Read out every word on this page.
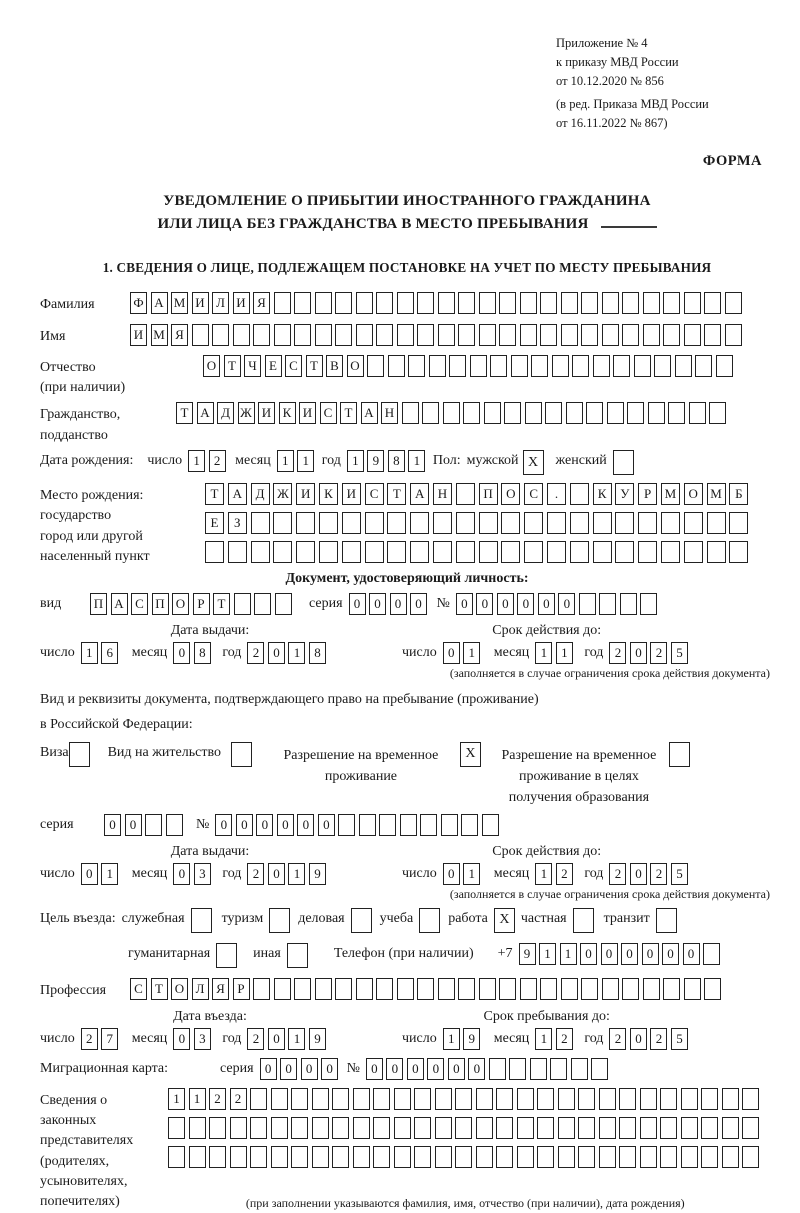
Приложение № 4
к приказу МВД России
от 10.12.2020 № 856
(в ред. Приказа МВД России
от 16.11.2022 № 867)
ФОРМА
УВЕДОМЛЕНИЕ О ПРИБЫТИИ ИНОСТРАННОГО ГРАЖДАНИНА
ИЛИ ЛИЦА БЕЗ ГРАЖДАНСТВА В МЕСТО ПРЕБЫВАНИЯ
1. СВЕДЕНИЯ О ЛИЦЕ, ПОДЛЕЖАЩЕМ ПОСТАНОВКЕ НА УЧЕТ ПО МЕСТУ ПРЕБЫВАНИЯ
Фамилия	Ф А М И Л И Я
Имя	И М Я
Отчество
(при наличии)
О Т Ч Е С Т В О
Гражданство,
подданство
Т А Д Ж И К И С Т А Н
Дата рождения:	число 1	2	месяц 1	1 год 1	9	8	1 Пол: мужской X	женский
Место рождения:
государство
город или другой
населенный пункт
Т	А	Д Ж И	К	И	С	Т	А	Н	П	О	С	.	К	У	Р	М О М	Б
Е	З
Документ, удостоверяющий личность:
вид	П А С П О Р Т	серия 0	0	0	0	№ 0	0	0	0	0	0
Дата выдачи:
число 1	6	месяц 0	8	год 2	0	1	8
Срок действия до:
число 0	1	месяц 1	1	год 2	0	2	5
(заполняется в случае ограничения срока действия документа)
Вид и реквизиты документа, подтверждающего право на пребывание (проживание)
в Российской Федерации:
Виза	Вид на жительство	Разрешение на временное проживание
X	Разрешение на временное проживание в целях получения образования
серия	0	0	№ 0	0	0	0	0	0
Дата выдачи:
число 0	1	месяц 0	3	год 2	0	1	9
Срок действия до:
число 0	1	месяц 1	2	год 2	0	2	5
(заполняется в случае ограничения срока действия документа)
Цель въезда: служебная	туризм	деловая	учеба	работа X частная	транзит
гуманитарная	иная	Телефон (при наличии)	+7 9	1	1	0	0	0	0	0	0
Профессия	С Т О Л Я Р
Дата въезда:
число 2	7	месяц 0	3	год 2	0	1	9
Срок пребывания до:
число 1	9	месяц 1	2	год 2	0	2	5
Миграционная карта:	серия 0	0	0	0 № 0	0	0	0	0	0
Сведения о
законных
представителях
(родителях,
усыновителях,
попечителях)
1	1	2	2
(при заполнении указываются фамилия, имя, отчество (при наличии), дата рождения)
